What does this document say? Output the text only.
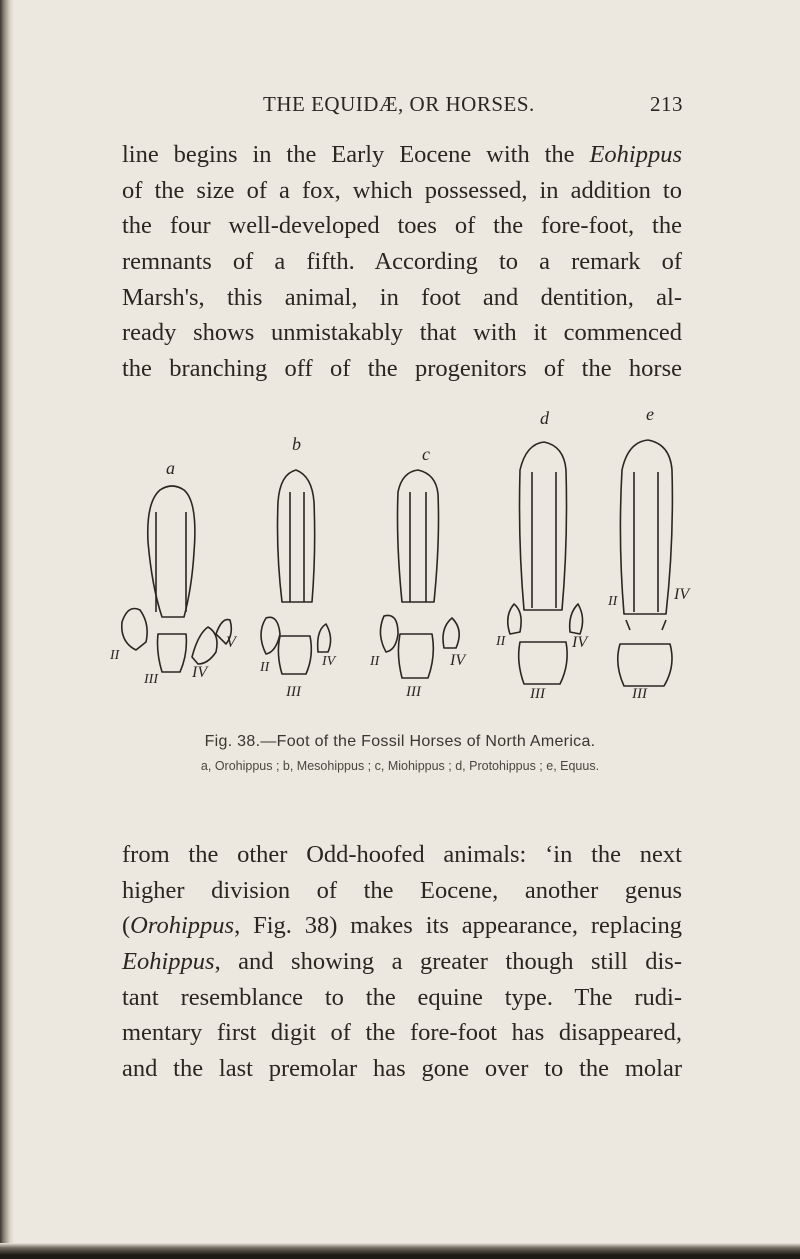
THE EQUIDÆ, OR HORSES.	213
line begins in the Early Eocene with the Eohippus
of the size of a fox, which possessed, in addition to
the four well-developed toes of the fore-foot, the
remnants of a fifth. According to a remark of
Marsh's, this animal, in foot and dentition, al-
ready shows unmistakably that with it commenced
the branching off of the progenitors of the horse
a
II
III IV
V
b
II
III
IV
c
II
III
IV
d
II
III
IV
e
II
III
IV
Fig. 38.—Foot of the Fossil Horses of North America.
a, Orohippus ; b, Mesohippus ; c, Miohippus ; d, Protohippus ; e, Equus.
from the other Odd-hoofed animals: ‘in the next
higher division of the Eocene, another genus
(Orohippus, Fig. 38) makes its appearance, replacing
Eohippus, and showing a greater though still dis-
tant resemblance to the equine type. The rudi-
mentary first digit of the fore-foot has disappeared,
and the last premolar has gone over to the molar
